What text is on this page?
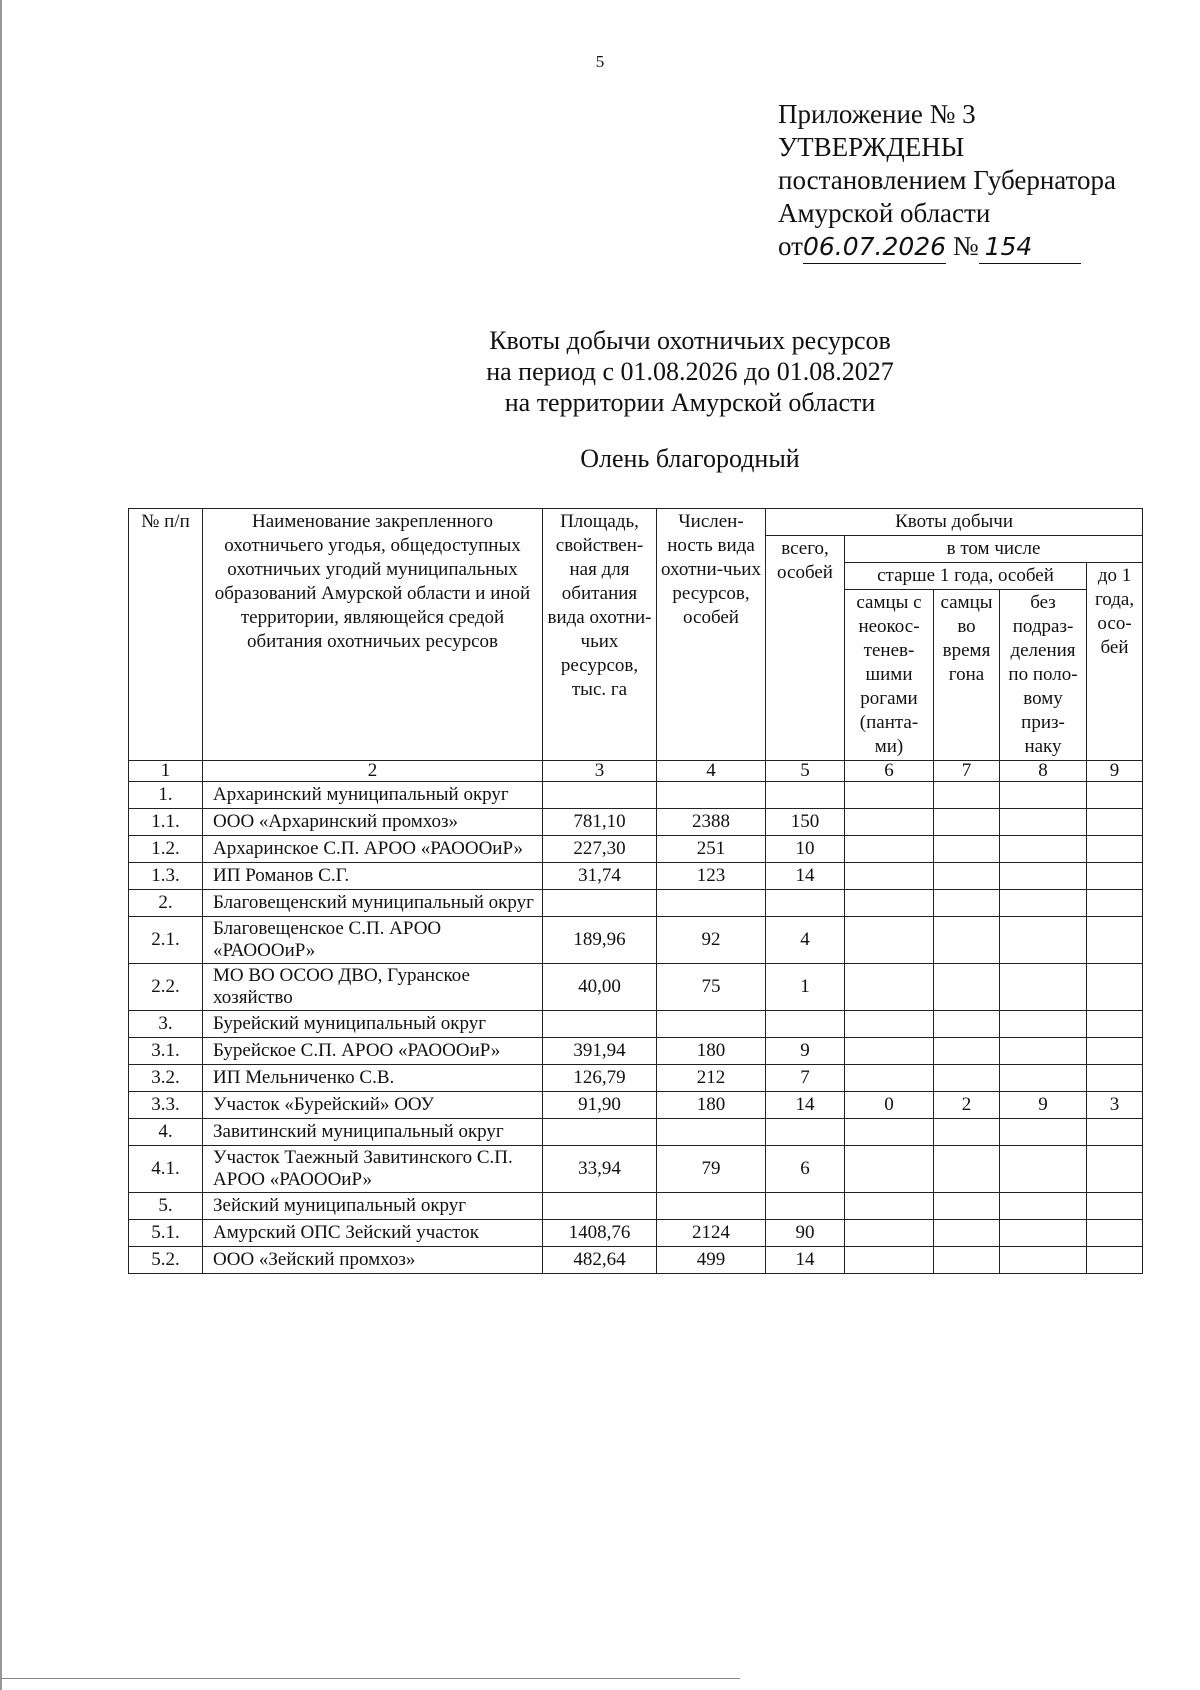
5
Приложение № 3
УТВЕРЖДЕНЫ
постановлением Губернатора
Амурской области
от06.07.2026 № 154
Квоты добычи охотничьих ресурсов
на период с 01.08.2026 до 01.08.2027
на территории Амурской области
Олень благородный
№ п/п	Наименование закрепленного охотничьего угодья, общедоступных охотничьих угодий муниципальных образований Амурской области и иной территории, являющейся средой обитания охотничьих ресурсов	Площадь, свойствен-ная для обитания вида охотни-чьих ресурсов, тыс. га	Числен-ность вида охотни-чьих ресурсов, особей	Квоты добычи				
				всего, особей	в том числе			
					старше 1 года, особей			до 1 года, осо-бей
					самцы с неокос-тенев-шими рогами (панта-ми)	самцы во время гона	без подраз-деления по поло-вому приз-наку	
1	2	3	4	5	6	7	8	9
1.	Архаринский муниципальный округ							
1.1.	ООО «Архаринский промхоз»	781,10	2388	150				
1.2.	Архаринское С.П. АРОО «РАОООиР»	227,30	251	10				
1.3.	ИП Романов С.Г.	31,74	123	14				
2.	Благовещенский муниципальный округ							
2.1.	Благовещенское С.П. АРОО «РАОООиР»	189,96	92	4				
2.2.	МО ВО ОСОО ДВО, Гуранское хозяйство	40,00	75	1				
3.	Бурейский муниципальный округ							
3.1.	Бурейское С.П. АРОО «РАОООиР»	391,94	180	9				
3.2.	ИП Мельниченко С.В.	126,79	212	7				
3.3.	Участок «Бурейский» ООУ	91,90	180	14	0	2	9	3
4.	Завитинский муниципальный округ							
4.1.	Участок Таежный Завитинского С.П. АРОО «РАОООиР»	33,94	79	6				
5.	Зейский муниципальный округ							
5.1.	Амурский ОПС Зейский участок	1408,76	2124	90				
5.2.	ООО «Зейский промхоз»	482,64	499	14				
